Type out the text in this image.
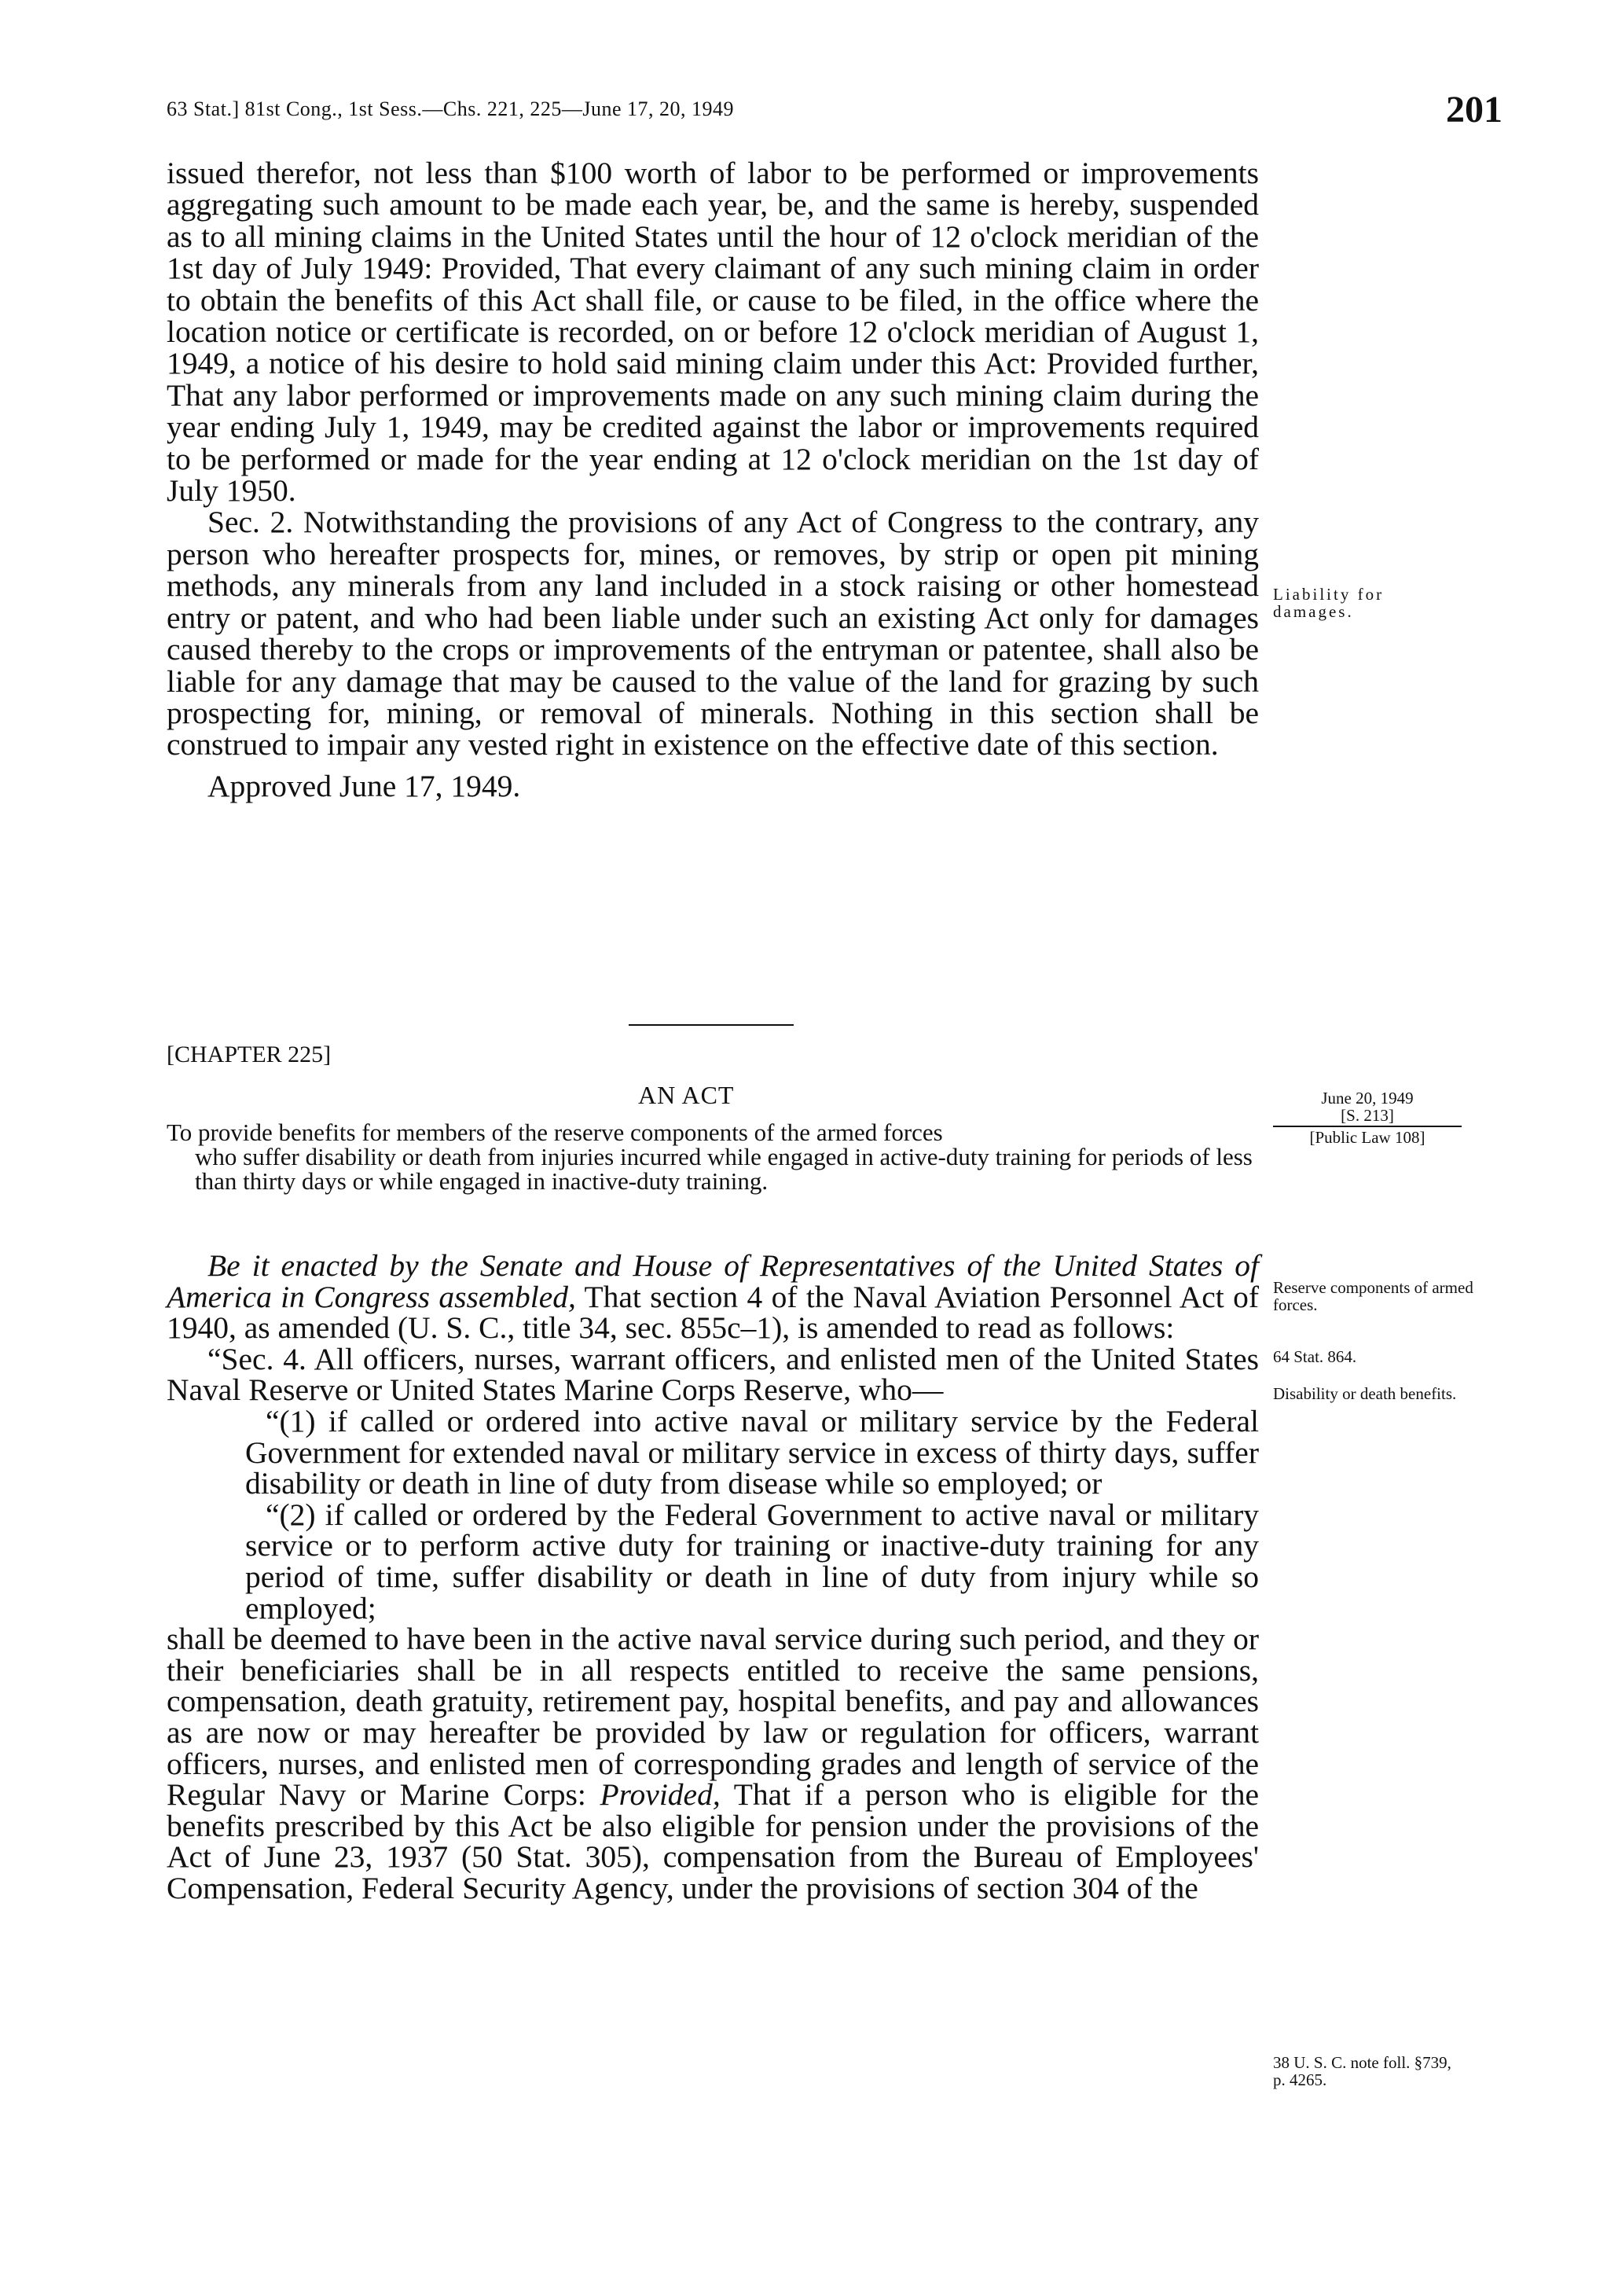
63 Stat.] 81st Cong., 1st Sess.—Chs. 221, 225—June 17, 20, 1949	201

issued therefor, not less than $100 worth of labor to be performed or improvements aggregating such amount to be made each year, be, and the same is hereby, suspended as to all mining claims in the United States until the hour of 12 o'clock meridian of the 1st day of July 1949: Provided, That every claimant of any such mining claim in order to obtain the benefits of this Act shall file, or cause to be filed, in the office where the location notice or certificate is recorded, on or before 12 o'clock meridian of August 1, 1949, a notice of his desire to hold said mining claim under this Act: Provided further, That any labor performed or improvements made on any such mining claim during the year ending July 1, 1949, may be credited against the labor or improvements required to be performed or made for the year ending at 12 o'clock meridian on the 1st day of July 1950.

Sec. 2. Notwithstanding the provisions of any Act of Congress to the contrary, any person who hereafter prospects for, mines, or removes, by strip or open pit mining methods, any minerals from any land included in a stock raising or other homestead entry or patent, and who had been liable under such an existing Act only for damages caused thereby to the crops or improvements of the entryman or patentee, shall also be liable for any damage that may be caused to the value of the land for grazing by such prospecting for, mining, or removal of minerals. Nothing in this section shall be construed to impair any vested right in existence on the effective date of this section.

Approved June 17, 1949.

[CHAPTER 225]
AN ACT

To provide benefits for members of the reserve components of the armed forces

who suffer disability or death from injuries incurred while engaged in active-duty training for periods of less than thirty days or while engaged in inactive-duty training.

Be it enacted by the Senate and House of Representatives of the United States of America in Congress assembled, That section 4 of the Naval Aviation Personnel Act of 1940, as amended (U. S. C., title 34, sec. 855c–1), is amended to read as follows:

“Sec. 4. All officers, nurses, warrant officers, and enlisted men of the United States Naval Reserve or United States Marine Corps Reserve, who—

“(1) if called or ordered into active naval or military service by the Federal Government for extended naval or military service in excess of thirty days, suffer disability or death in line of duty from disease while so employed; or

“(2) if called or ordered by the Federal Government to active naval or military service or to perform active duty for training or inactive-duty training for any period of time, suffer disability or death in line of duty from injury while so employed;

shall be deemed to have been in the active naval service during such period, and they or their beneficiaries shall be in all respects entitled to receive the same pensions, compensation, death gratuity, retirement pay, hospital benefits, and pay and allowances as are now or may hereafter be provided by law or regulation for officers, warrant officers, nurses, and enlisted men of corresponding grades and length of service of the Regular Navy or Marine Corps: Provided, That if a person who is eligible for the benefits prescribed by this Act be also eligible for pension under the provisions of the Act of June 23, 1937 (50 Stat. 305), compensation from the Bureau of Employees' Compensation, Federal Security Agency, under the provisions of section 304 of the

Liability for damages.
June 20, 1949
[S. 213]
[Public Law 108]
Reserve components of armed forces.
64 Stat. 864.
Disability or death benefits.
38 U. S. C. note foll. §739, p. 4265.
